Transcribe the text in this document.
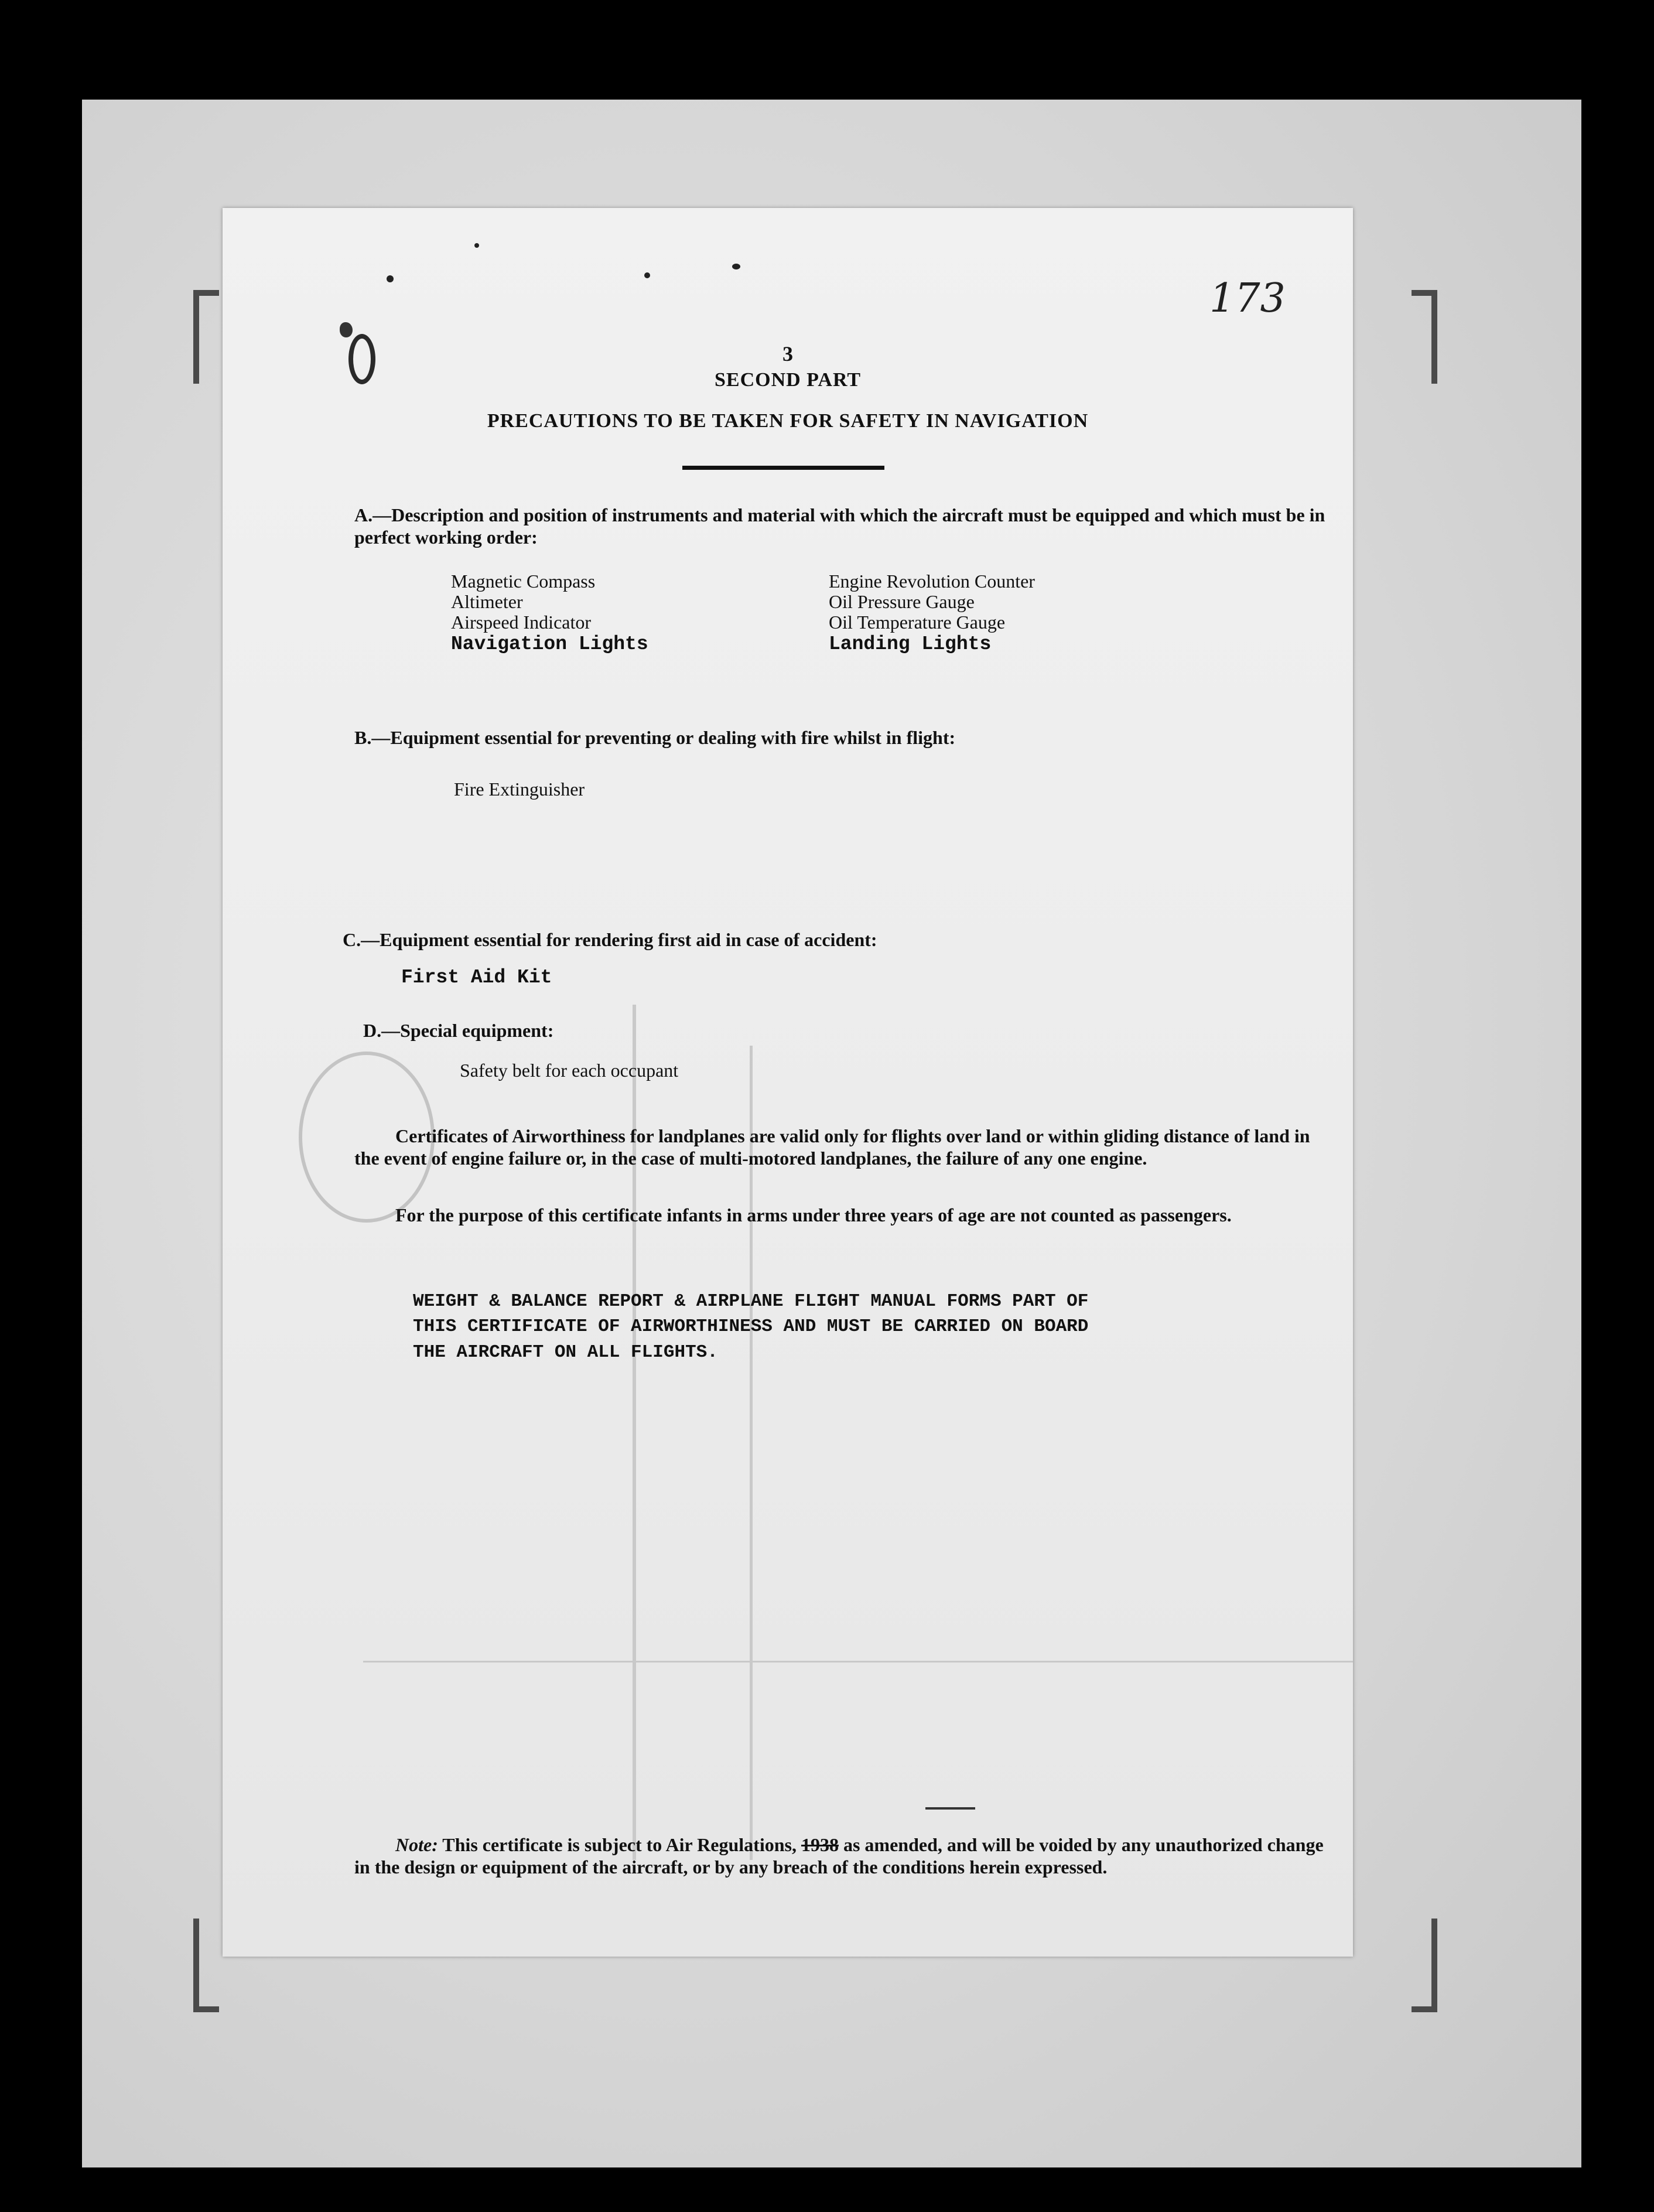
173
3
SECOND PART
PRECAUTIONS TO BE TAKEN FOR SAFETY IN NAVIGATION
A.—Description and position of instruments and material with which the aircraft must be equipped and which must be in perfect working order:
Magnetic Compass
Altimeter
Airspeed Indicator
Navigation Lights
Engine Revolution Counter
Oil Pressure Gauge
Oil Temperature Gauge
Landing Lights
B.—Equipment essential for preventing or dealing with fire whilst in flight:
Fire Extinguisher
C.—Equipment essential for rendering first aid in case of accident:
First Aid Kit
D.—Special equipment:
Safety belt for each occupant
Certificates of Airworthiness for landplanes are valid only for flights over land or within gliding distance of land in the event of engine failure or, in the case of multi-motored landplanes, the failure of any one engine.
For the purpose of this certificate infants in arms under three years of age are not counted as passengers.
WEIGHT & BALANCE REPORT & AIRPLANE FLIGHT MANUAL FORMS PART OF
THIS CERTIFICATE OF AIRWORTHINESS AND MUST BE CARRIED ON BOARD
THE AIRCRAFT ON ALL FLIGHTS.
Note: This certificate is subject to Air Regulations, 1938 as amended, and will be voided by any unauthorized change in the design or equipment of the aircraft, or by any breach of the conditions herein expressed.
